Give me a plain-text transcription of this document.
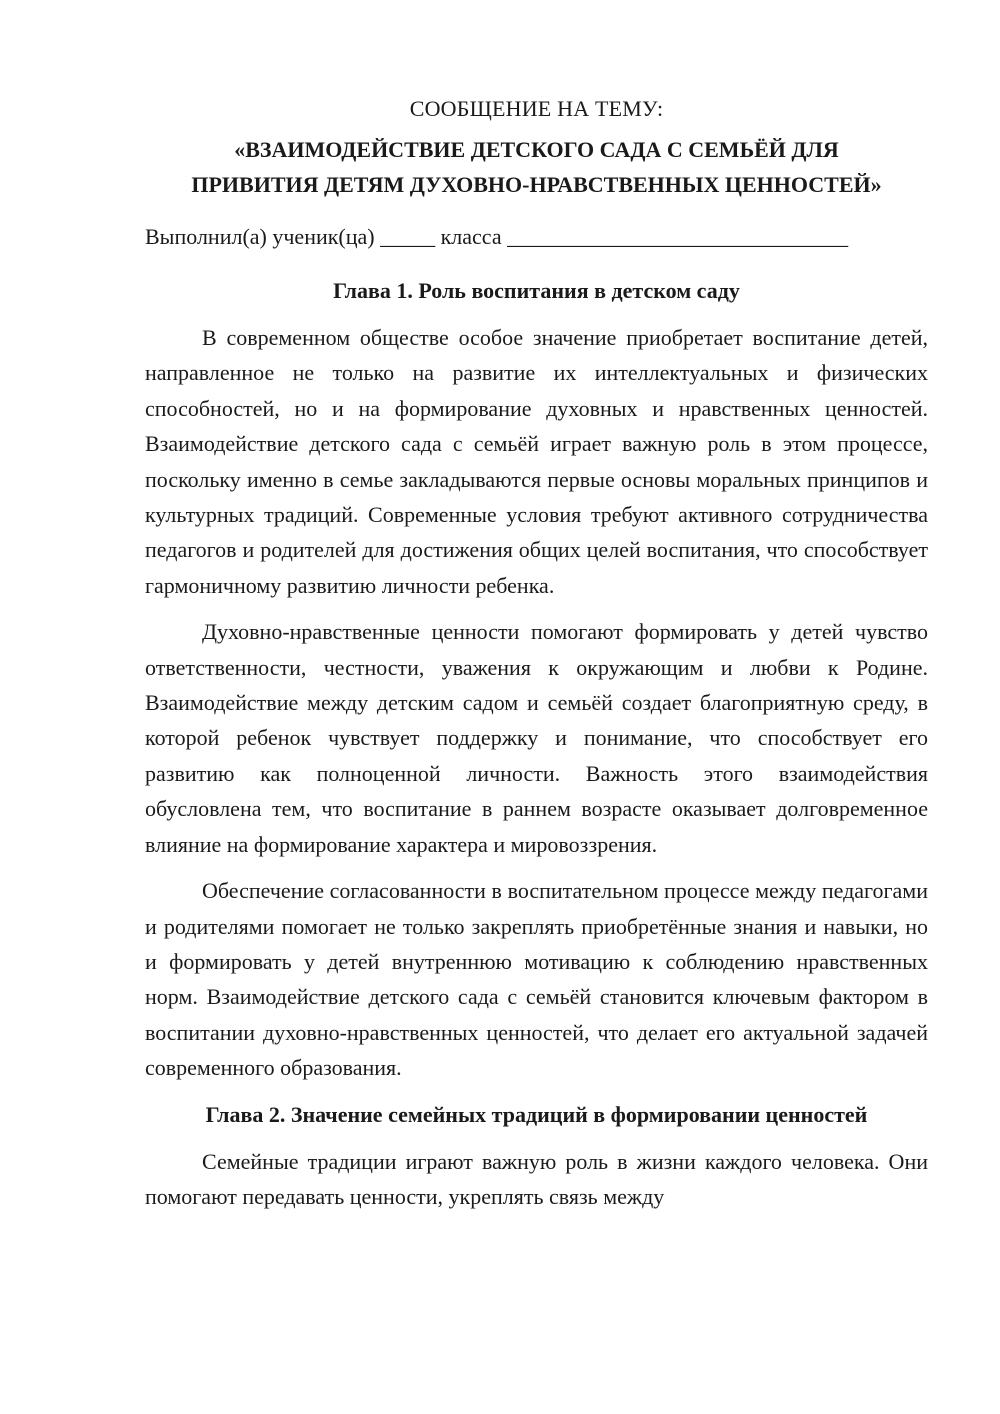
СООБЩЕНИЕ НА ТЕМУ:

«ВЗАИМОДЕЙСТВИЕ ДЕТСКОГО САДА С СЕМЬЁЙ ДЛЯ
ПРИВИТИЯ ДЕТЯМ ДУХОВНО-НРАВСТВЕННЫХ ЦЕННОСТЕЙ»

Выполнил(а) ученик(ца) _____ класса _______________________________

Глава 1. Роль воспитания в детском саду

В современном обществе особое значение приобретает воспитание детей, направленное не только на развитие их интеллектуальных и физических способностей, но и на формирование духовных и нравственных ценностей. Взаимодействие детского сада с семьёй играет важную роль в этом процессе, поскольку именно в семье закладываются первые основы моральных принципов и культурных традиций. Современные условия требуют активного сотрудничества педагогов и родителей для достижения общих целей воспитания, что способствует гармоничному развитию личности ребенка.

Духовно-нравственные ценности помогают формировать у детей чувство ответственности, честности, уважения к окружающим и любви к Родине. Взаимодействие между детским садом и семьёй создает благоприятную среду, в которой ребенок чувствует поддержку и понимание, что способствует его развитию как полноценной личности. Важность этого взаимодействия обусловлена тем, что воспитание в раннем возрасте оказывает долговременное влияние на формирование характера и мировоззрения.

Обеспечение согласованности в воспитательном процессе между педагогами и родителями помогает не только закреплять приобретённые знания и навыки, но и формировать у детей внутреннюю мотивацию к соблюдению нравственных норм. Взаимодействие детского сада с семьёй становится ключевым фактором в воспитании духовно-нравственных ценностей, что делает его актуальной задачей современного образования.

Глава 2. Значение семейных традиций в формировании ценностей

Семейные традиции играют важную роль в жизни каждого человека. Они помогают передавать ценности, укреплять связь между
